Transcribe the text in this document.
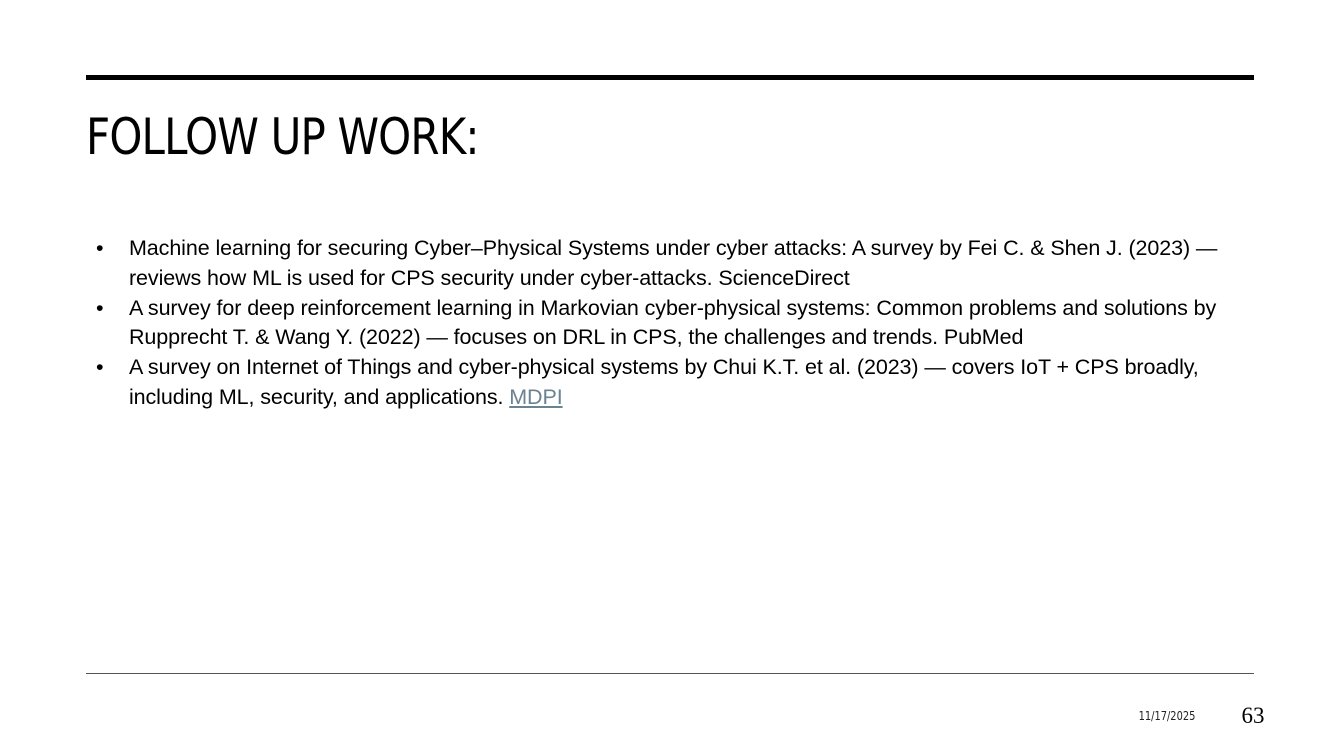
FOLLOW UP WORK:
• Machine learning for securing Cyber–Physical Systems under cyber attacks: A survey by Fei C. & Shen J. (2023) — reviews how ML is used for CPS security under cyber-attacks. ScienceDirect
• A survey for deep reinforcement learning in Markovian cyber-physical systems: Common problems and solutions by Rupprecht T. & Wang Y. (2022) — focuses on DRL in CPS, the challenges and trends. PubMed
• A survey on Internet of Things and cyber-physical systems by Chui K.T. et al. (2023) — covers IoT + CPS broadly, including ML, security, and applications. MDPI
11/17/2025	63
